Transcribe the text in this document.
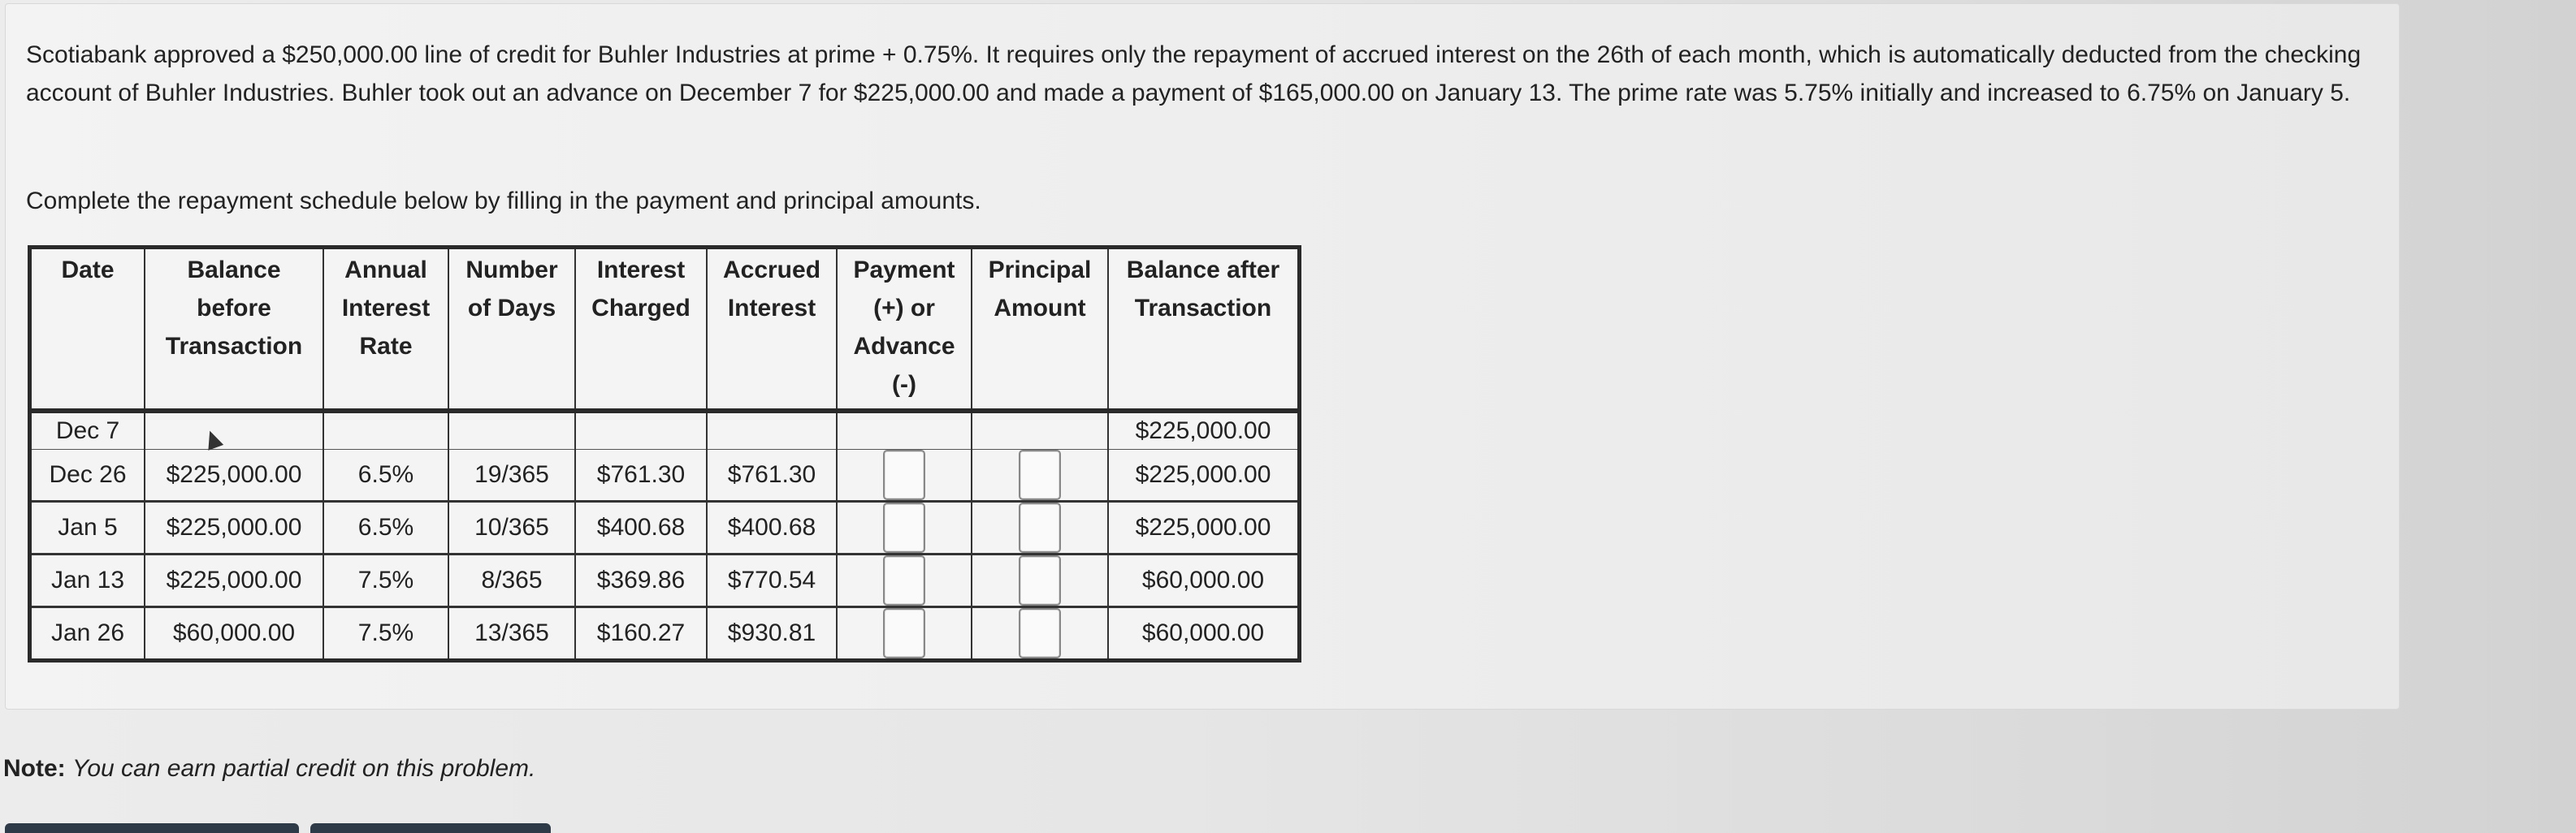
Scotiabank approved a $250,000.00 line of credit for Buhler Industries at prime + 0.75%. It requires only the repayment of accrued interest on the 26th of each month, which is automatically deducted from the checking account of Buhler Industries. Buhler took out an advance on December 7 for $225,000.00 and made a payment of $165,000.00 on January 13. The prime rate was 5.75% initially and increased to 6.75% on January 5.

Complete the repayment schedule below by filling in the payment and principal amounts.

Date	Balance before Transaction	Annual Interest Rate	Number of Days	Interest Charged	Accrued Interest	Payment (+) or Advance (-)	Principal Amount	Balance after Transaction
Dec 7								$225,000.00
Dec 26	$225,000.00	6.5%	19/365	$761.30	$761.30			$225,000.00
Jan 5	$225,000.00	6.5%	10/365	$400.68	$400.68			$225,000.00
Jan 13	$225,000.00	7.5%	8/365	$369.86	$770.54			$60,000.00
Jan 26	$60,000.00	7.5%	13/365	$160.27	$930.81			$60,000.00

Note: You can earn partial credit on this problem.
